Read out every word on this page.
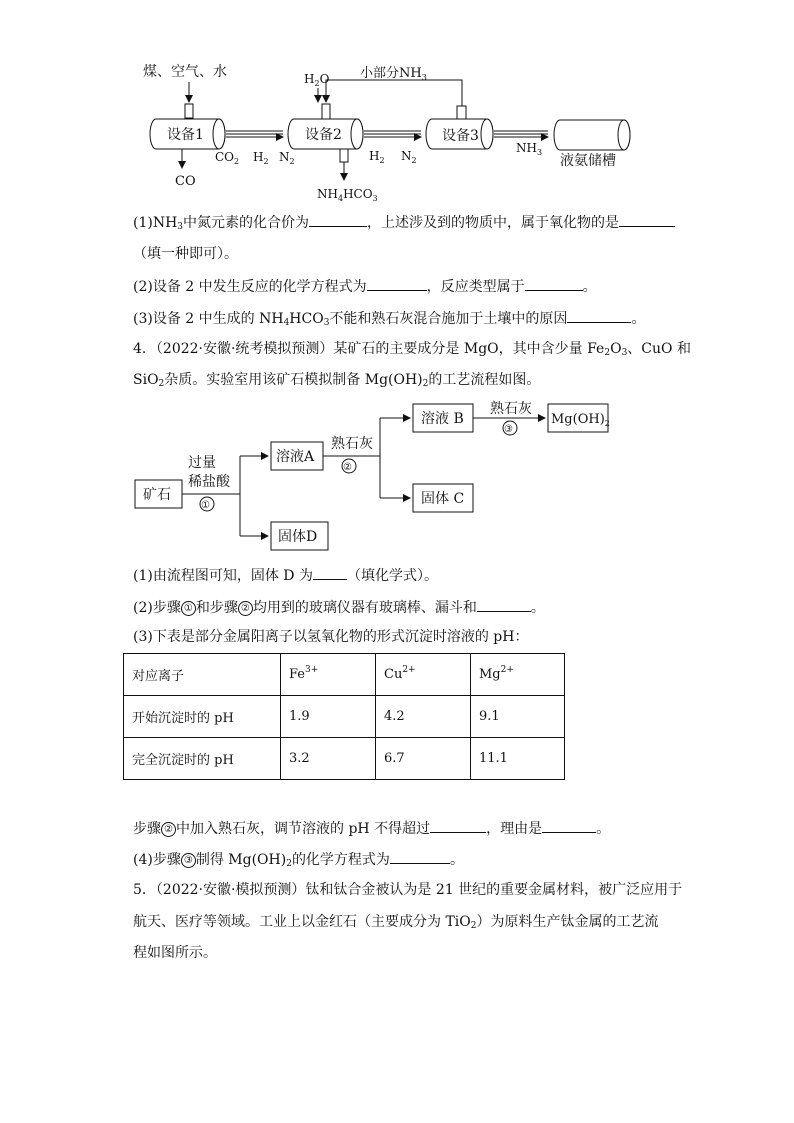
煤、空气、水
设备1
CO
$CO_2$ $H_2$ $N_2$
设备2
$H_2O$ 小部分$NH_3$
$NH_4HCO_3$
$H_2$ $N_2$
设备3
$NH_3$
液氨储槽
$(1)NH_3$中氮元素的化合价为	，上述涉及到的物质中，属于氧化物的是
（填一种即可）。
(2)设备 2 中发生反应的化学方程式为	，反应类型属于	。
(3)设备 2 中生成的 $NH_4HCO_3$不能和熟石灰混合施加于土壤中的原因	。
4．（2022·安徽·统考模拟预测）某矿石的主要成分是 MgO，其中含少量 $Fe_2O_3$、CuO 和
SiO$_2$杂质。实验室用该矿石模拟制备 $Mg(OH)_2$的工艺流程如图。
矿石
过量
稀盐酸
①
溶液A
固体D
熟石灰
②
溶液 B
固体 C
熟石灰
③
$Mg(OH)_2$
(1)由流程图可知，固体 D 为 （填化学式）。
(2)步骤 ① 和步骤 ② 均用到的玻璃仪器有玻璃棒、漏斗和	。
(3)下表是部分金属阳离子以氢氧化物的形式沉淀时溶液的 pH：
对应离子	$Fe^{3+}$	$Cu^{2+}$	$Mg^{2+}$
开始沉淀时的 pH	1.9	4.2	9.1
完全沉淀时的 pH	3.2	6.7	11.1
步骤 ② 中加入熟石灰，调节溶液的 pH 不得超过	，理由是	。
(4)步骤 ③ 制得 $Mg(OH)_2$的化学方程式为	。
5．（2022·安徽·模拟预测）钛和钛合金被认为是 21 世纪的重要金属材料，被广泛应用于
航天、医疗等领域。工业上以金红石（主要成分为 TiO$_2$）为原料生产钛金属的工艺流
程如图所示。
